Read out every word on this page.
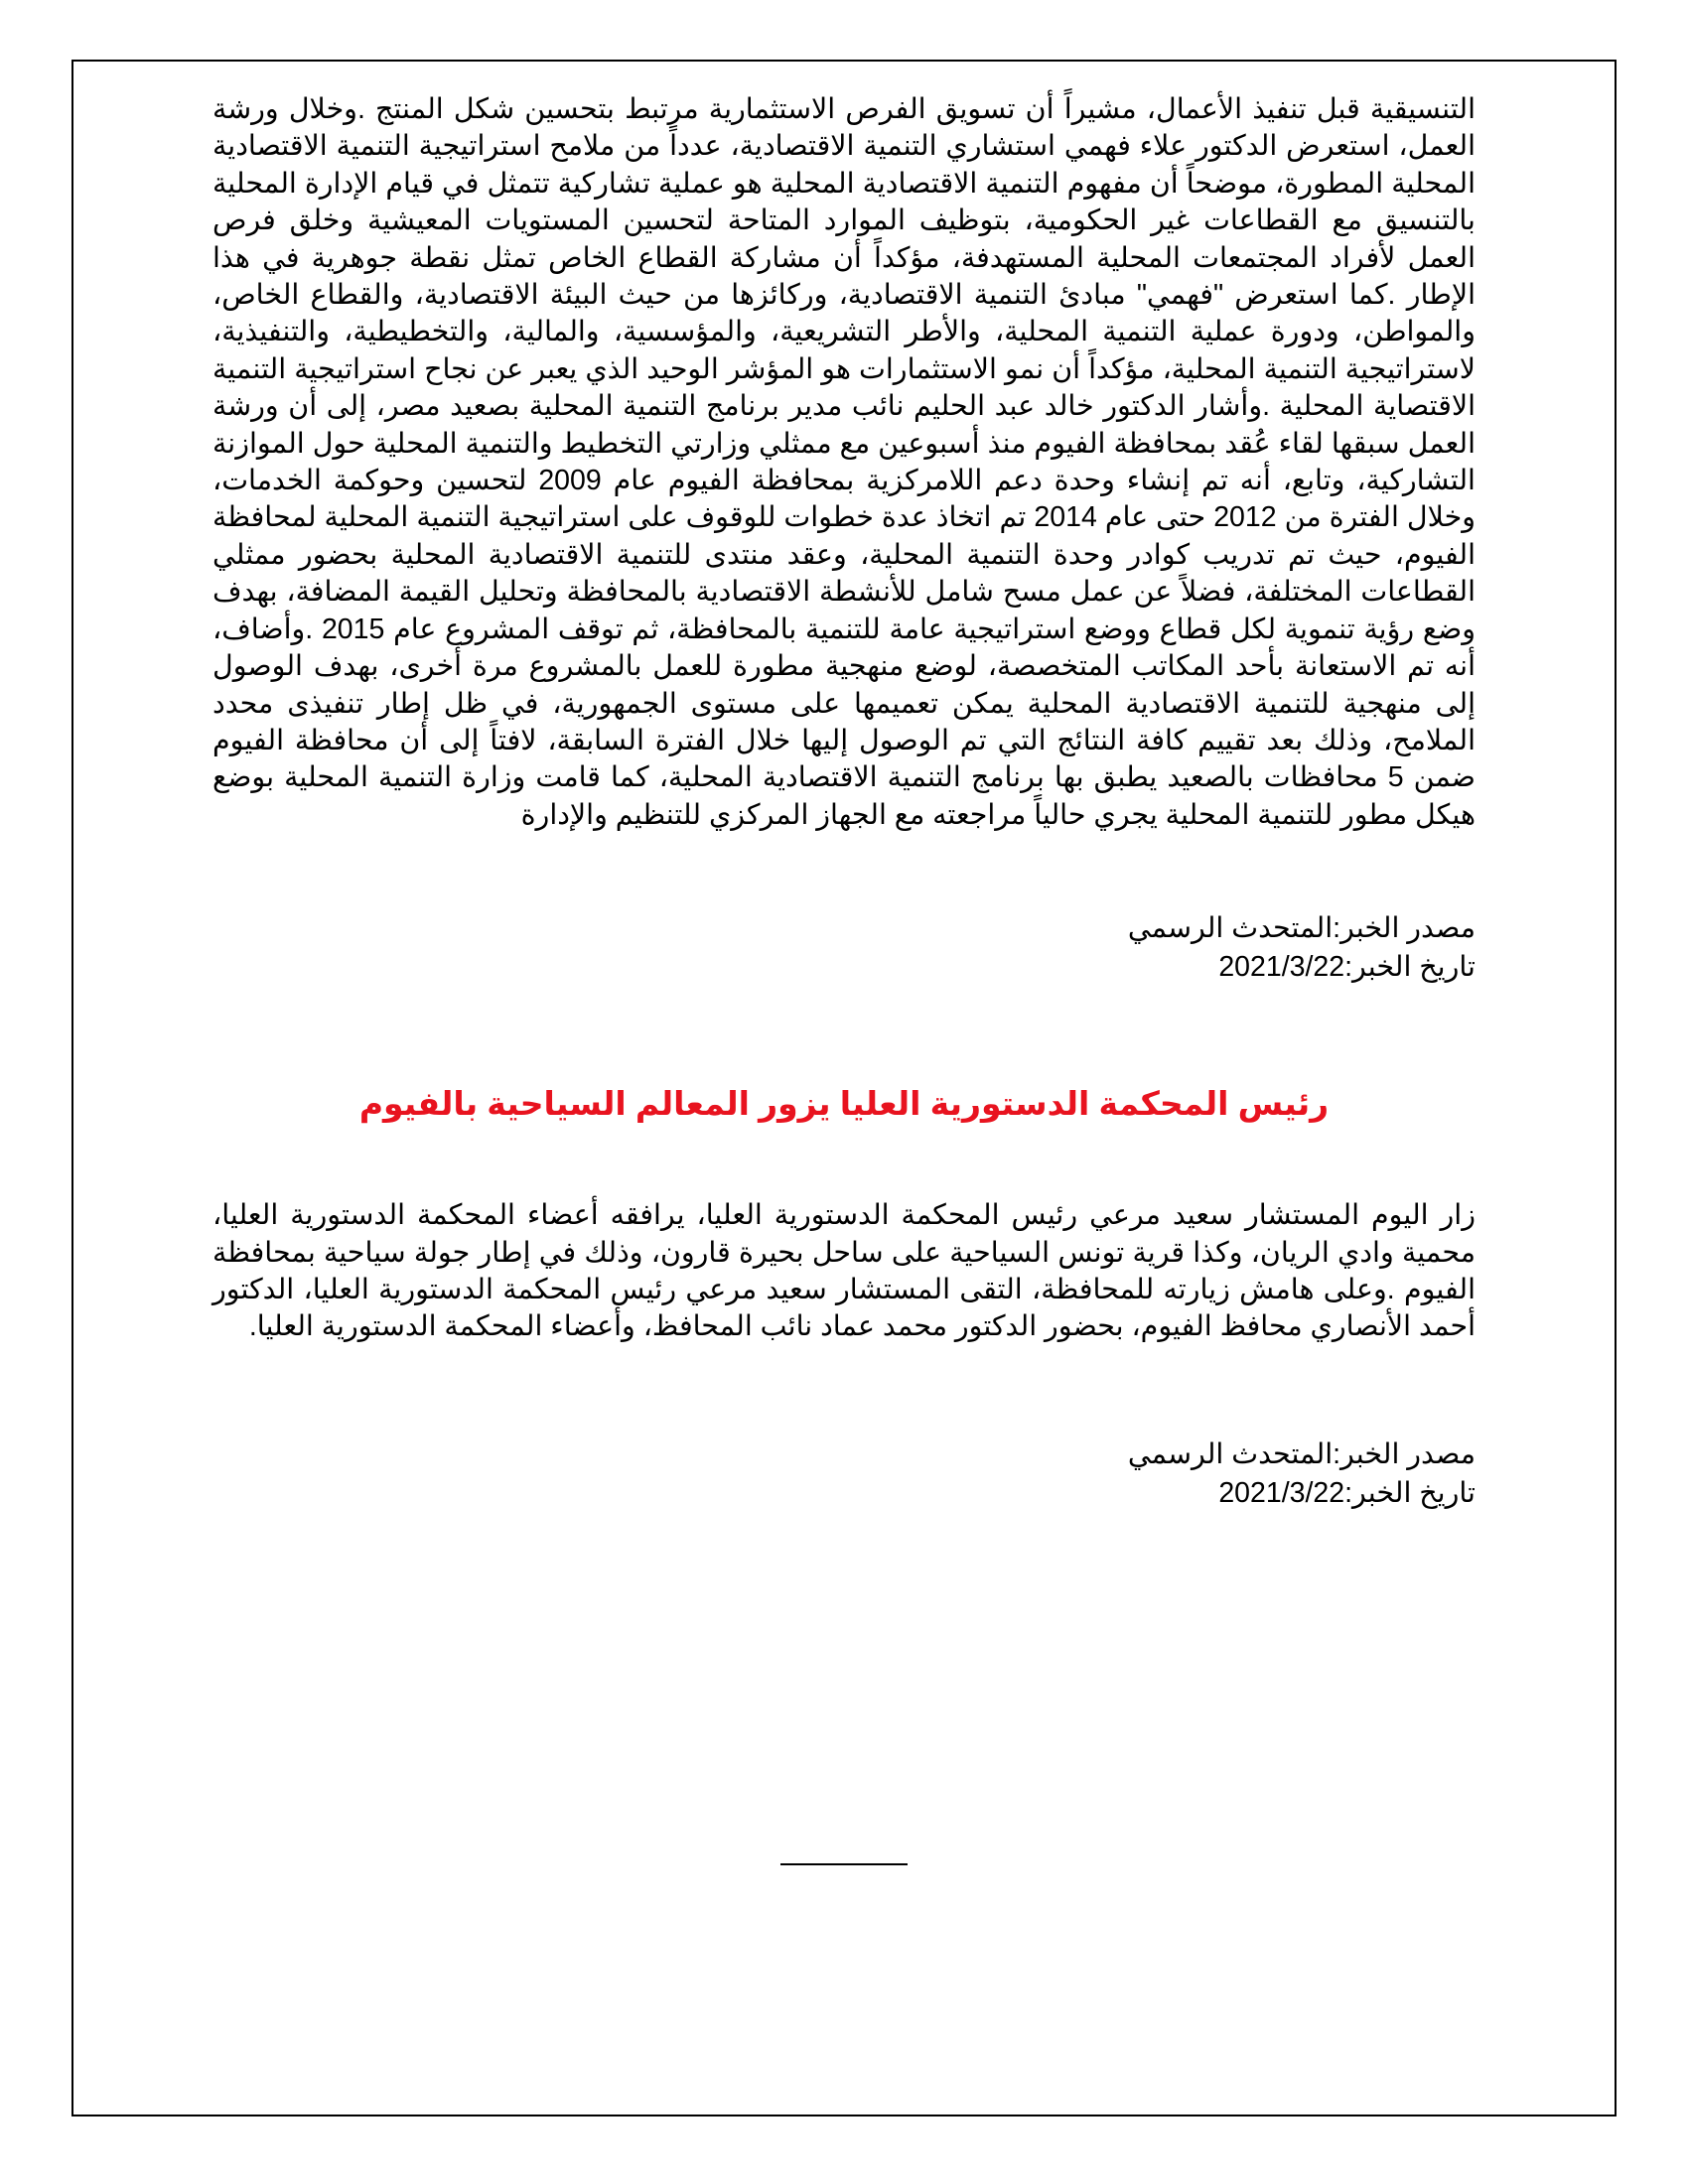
التنسيقية قبل تنفيذ الأعمال، مشيراً أن تسويق الفرص الاستثمارية مرتبط بتحسين شكل المنتج .وخلال ورشة العمل، استعرض الدكتور علاء فهمي استشاري التنمية الاقتصادية، عدداً من ملامح استراتيجية التنمية الاقتصادية المحلية المطورة، موضحاً أن مفهوم التنمية الاقتصادية المحلية هو عملية تشاركية تتمثل في قيام الإدارة المحلية بالتنسيق مع القطاعات غير الحكومية، بتوظيف الموارد المتاحة لتحسين المستويات المعيشية وخلق فرص العمل لأفراد المجتمعات المحلية المستهدفة، مؤكداً أن مشاركة القطاع الخاص تمثل نقطة جوهرية في هذا الإطار .كما استعرض "فهمي" مبادئ التنمية الاقتصادية، وركائزها من حيث البيئة الاقتصادية، والقطاع الخاص، والمواطن، ودورة عملية التنمية المحلية، والأطر التشريعية، والمؤسسية، والمالية، والتخطيطية، والتنفيذية، لاستراتيجية التنمية المحلية، مؤكداً أن نمو الاستثمارات هو المؤشر الوحيد الذي يعبر عن نجاح استراتيجية التنمية الاقتصاية المحلية .وأشار الدكتور خالد عبد الحليم نائب مدير برنامج التنمية المحلية بصعيد مصر، إلى أن ورشة العمل سبقها لقاء عُقد بمحافظة الفيوم منذ أسبوعين مع ممثلي وزارتي التخطيط والتنمية المحلية حول الموازنة التشاركية، وتابع، أنه تم إنشاء وحدة دعم اللامركزية بمحافظة الفيوم عام 2009 لتحسين وحوكمة الخدمات، وخلال الفترة من 2012 حتى عام 2014 تم اتخاذ عدة خطوات للوقوف على استراتيجية التنمية المحلية لمحافظة الفيوم، حيث تم تدريب كوادر وحدة التنمية المحلية، وعقد منتدى للتنمية الاقتصادية المحلية بحضور ممثلي القطاعات المختلفة، فضلاً عن عمل مسح شامل للأنشطة الاقتصادية بالمحافظة وتحليل القيمة المضافة، بهدف وضع رؤية تنموية لكل قطاع ووضع استراتيجية عامة للتنمية بالمحافظة، ثم توقف المشروع عام 2015 .وأضاف، أنه تم الاستعانة بأحد المكاتب المتخصصة، لوضع منهجية مطورة للعمل بالمشروع مرة أخرى، بهدف الوصول إلى منهجية للتنمية الاقتصادية المحلية يمكن تعميمها على مستوى الجمهورية، في ظل إطار تنفيذى محدد الملامح، وذلك بعد تقييم كافة النتائج التي تم الوصول إليها خلال الفترة السابقة، لافتاً إلى أن محافظة الفيوم ضمن 5 محافظات بالصعيد يطبق بها برنامج التنمية الاقتصادية المحلية، كما قامت وزارة التنمية المحلية بوضع هيكل مطور للتنمية المحلية يجري حالياً مراجعته مع الجهاز المركزي للتنظيم والإدارة

مصدر الخبر:المتحدث الرسمي
تاريخ الخبر:2021/3/22
رئيس المحكمة الدستورية العليا يزور المعالم السياحية بالفيوم

زار اليوم المستشار سعيد مرعي رئيس المحكمة الدستورية العليا، يرافقه أعضاء المحكمة الدستورية العليا، محمية وادي الريان، وكذا قرية تونس السياحية على ساحل بحيرة قارون، وذلك في إطار جولة سياحية بمحافظة الفيوم .وعلى هامش زيارته للمحافظة، التقى المستشار سعيد مرعي رئيس المحكمة الدستورية العليا، الدكتور أحمد الأنصاري محافظ الفيوم، بحضور الدكتور محمد عماد نائب المحافظ، وأعضاء المحكمة الدستورية العليا.

مصدر الخبر:المتحدث الرسمي
تاريخ الخبر:2021/3/22
